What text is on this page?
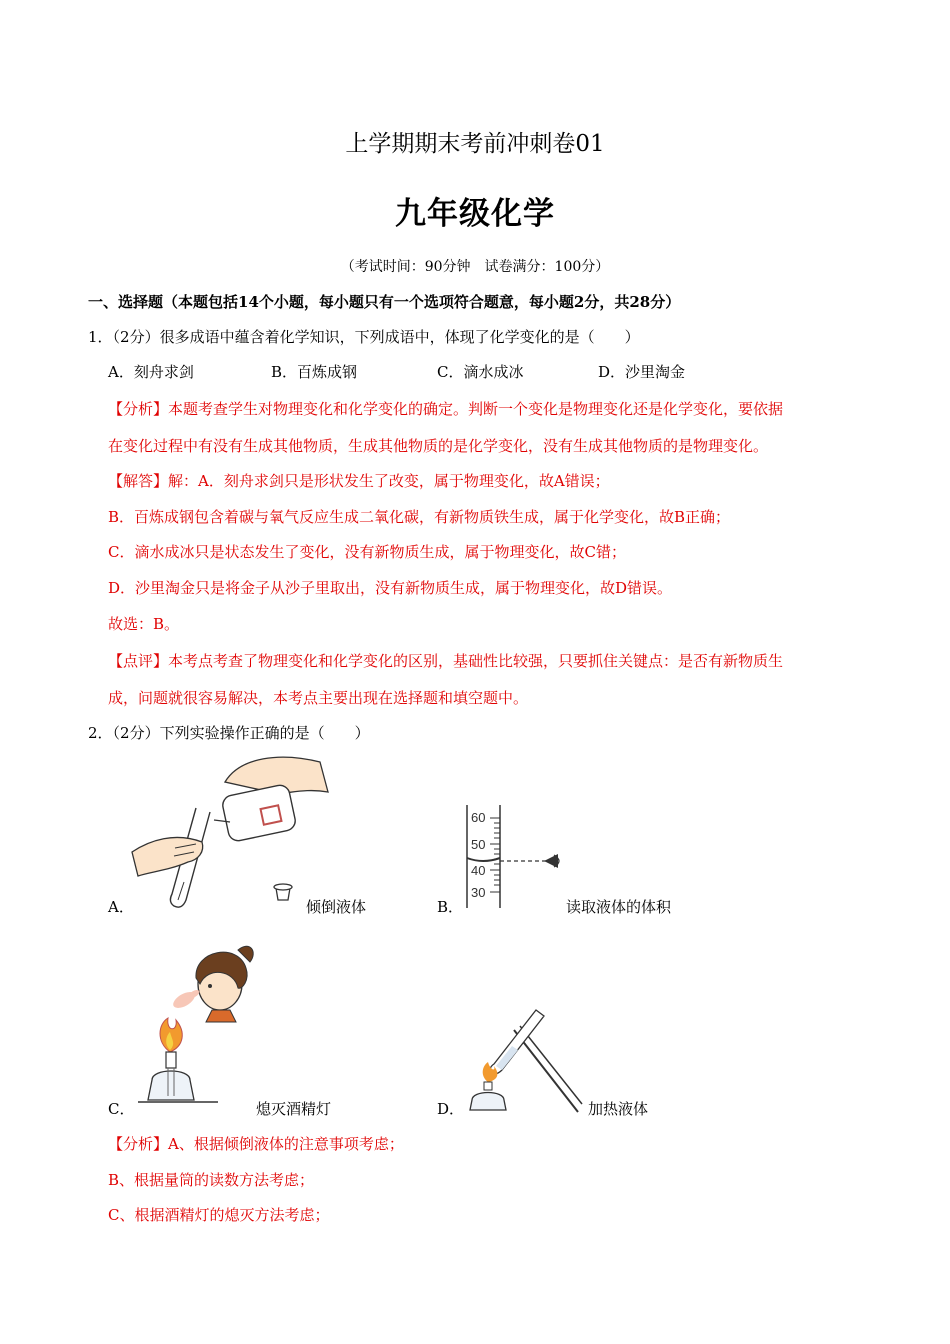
上学期期末考前冲刺卷01
九年级化学
（考试时间：90分钟　试卷满分：100分）
一、选择题（本题包括14个小题，每小题只有一个选项符合题意，每小题2分，共28分）
1．（2分）很多成语中蕴含着化学知识，下列成语中，体现了化学变化的是（　　）
A．刻舟求剑	B．百炼成钢	C．滴水成冰	D．沙里淘金
【分析】本题考查学生对物理变化和化学变化的确定。判断一个变化是物理变化还是化学变化，要依据
在变化过程中有没有生成其他物质，生成其他物质的是化学变化，没有生成其他物质的是物理变化。
【解答】解：A．刻舟求剑只是形状发生了改变，属于物理变化，故A错误；
B．百炼成钢包含着碳与氧气反应生成二氧化碳，有新物质铁生成，属于化学变化，故B正确；
C．滴水成冰只是状态发生了变化，没有新物质生成，属于物理变化，故C错；
D．沙里淘金只是将金子从沙子里取出，没有新物质生成，属于物理变化，故D错误。
故选：B。
【点评】本考点考查了物理变化和化学变化的区别，基础性比较强，只要抓住关键点：是否有新物质生
成，问题就很容易解决，本考点主要出现在选择题和填空题中。
2．（2分）下列实验操作正确的是（　　）
A．	倾倒液体
60
50
40
30
B．	读取液体的体积
C．	熄灭酒精灯	D．	加热液体
【分析】A、根据倾倒液体的注意事项考虑；
B、根据量筒的读数方法考虑；
C、根据酒精灯的熄灭方法考虑；
